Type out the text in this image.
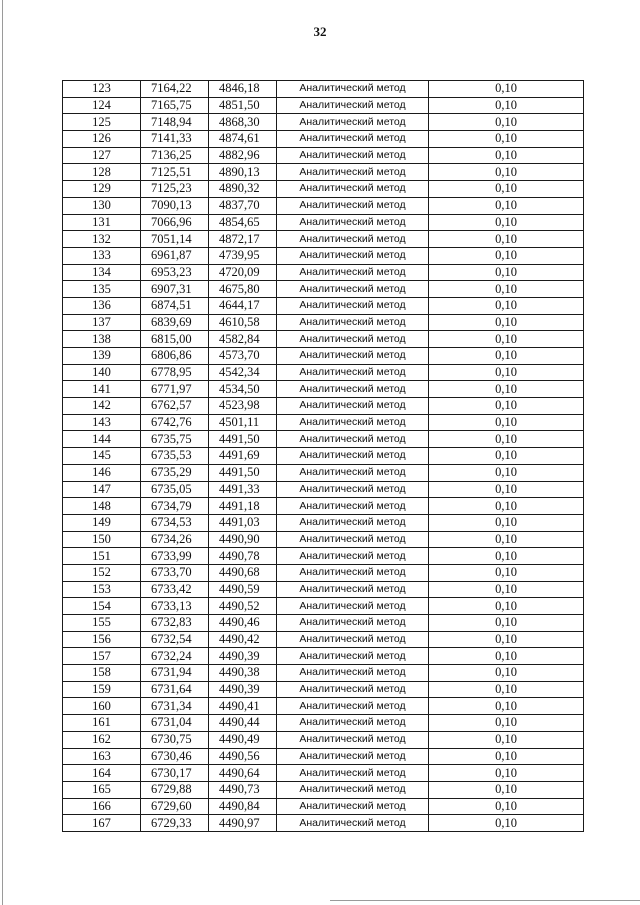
32
123	7164,22	4846,18	Аналитический метод	0,10
124	7165,75	4851,50	Аналитический метод	0,10
125	7148,94	4868,30	Аналитический метод	0,10
126	7141,33	4874,61	Аналитический метод	0,10
127	7136,25	4882,96	Аналитический метод	0,10
128	7125,51	4890,13	Аналитический метод	0,10
129	7125,23	4890,32	Аналитический метод	0,10
130	7090,13	4837,70	Аналитический метод	0,10
131	7066,96	4854,65	Аналитический метод	0,10
132	7051,14	4872,17	Аналитический метод	0,10
133	6961,87	4739,95	Аналитический метод	0,10
134	6953,23	4720,09	Аналитический метод	0,10
135	6907,31	4675,80	Аналитический метод	0,10
136	6874,51	4644,17	Аналитический метод	0,10
137	6839,69	4610,58	Аналитический метод	0,10
138	6815,00	4582,84	Аналитический метод	0,10
139	6806,86	4573,70	Аналитический метод	0,10
140	6778,95	4542,34	Аналитический метод	0,10
141	6771,97	4534,50	Аналитический метод	0,10
142	6762,57	4523,98	Аналитический метод	0,10
143	6742,76	4501,11	Аналитический метод	0,10
144	6735,75	4491,50	Аналитический метод	0,10
145	6735,53	4491,69	Аналитический метод	0,10
146	6735,29	4491,50	Аналитический метод	0,10
147	6735,05	4491,33	Аналитический метод	0,10
148	6734,79	4491,18	Аналитический метод	0,10
149	6734,53	4491,03	Аналитический метод	0,10
150	6734,26	4490,90	Аналитический метод	0,10
151	6733,99	4490,78	Аналитический метод	0,10
152	6733,70	4490,68	Аналитический метод	0,10
153	6733,42	4490,59	Аналитический метод	0,10
154	6733,13	4490,52	Аналитический метод	0,10
155	6732,83	4490,46	Аналитический метод	0,10
156	6732,54	4490,42	Аналитический метод	0,10
157	6732,24	4490,39	Аналитический метод	0,10
158	6731,94	4490,38	Аналитический метод	0,10
159	6731,64	4490,39	Аналитический метод	0,10
160	6731,34	4490,41	Аналитический метод	0,10
161	6731,04	4490,44	Аналитический метод	0,10
162	6730,75	4490,49	Аналитический метод	0,10
163	6730,46	4490,56	Аналитический метод	0,10
164	6730,17	4490,64	Аналитический метод	0,10
165	6729,88	4490,73	Аналитический метод	0,10
166	6729,60	4490,84	Аналитический метод	0,10
167	6729,33	4490,97	Аналитический метод	0,10
